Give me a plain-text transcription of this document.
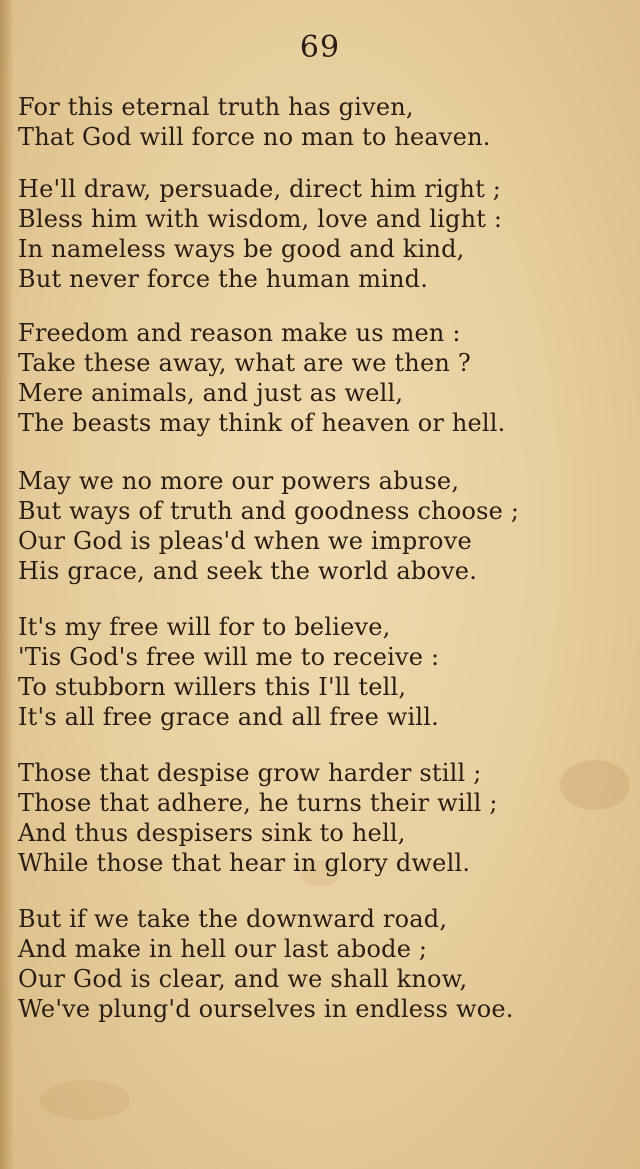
69
For this eternal truth has given,
That God will force no man to heaven.
He'll draw, persuade, direct him right ;
Bless him with wisdom, love and light :
In nameless ways be good and kind,
But never force the human mind.
Freedom and reason make us men :
Take these away, what are we then ?
Mere animals, and just as well,
The beasts may think of heaven or hell.
May we no more our powers abuse,
But ways of truth and goodness choose ;
Our God is pleas'd when we improve
His grace, and seek the world above.
It's my free will for to believe,
'Tis God's free will me to receive :
To stubborn willers this I'll tell,
It's all free grace and all free will.
Those that despise grow harder still ;
Those that adhere, he turns their will ;
And thus despisers sink to hell,
While those that hear in glory dwell.
But if we take the downward road,
And make in hell our last abode ;
Our God is clear, and we shall know,
We've plung'd ourselves in endless woe.
